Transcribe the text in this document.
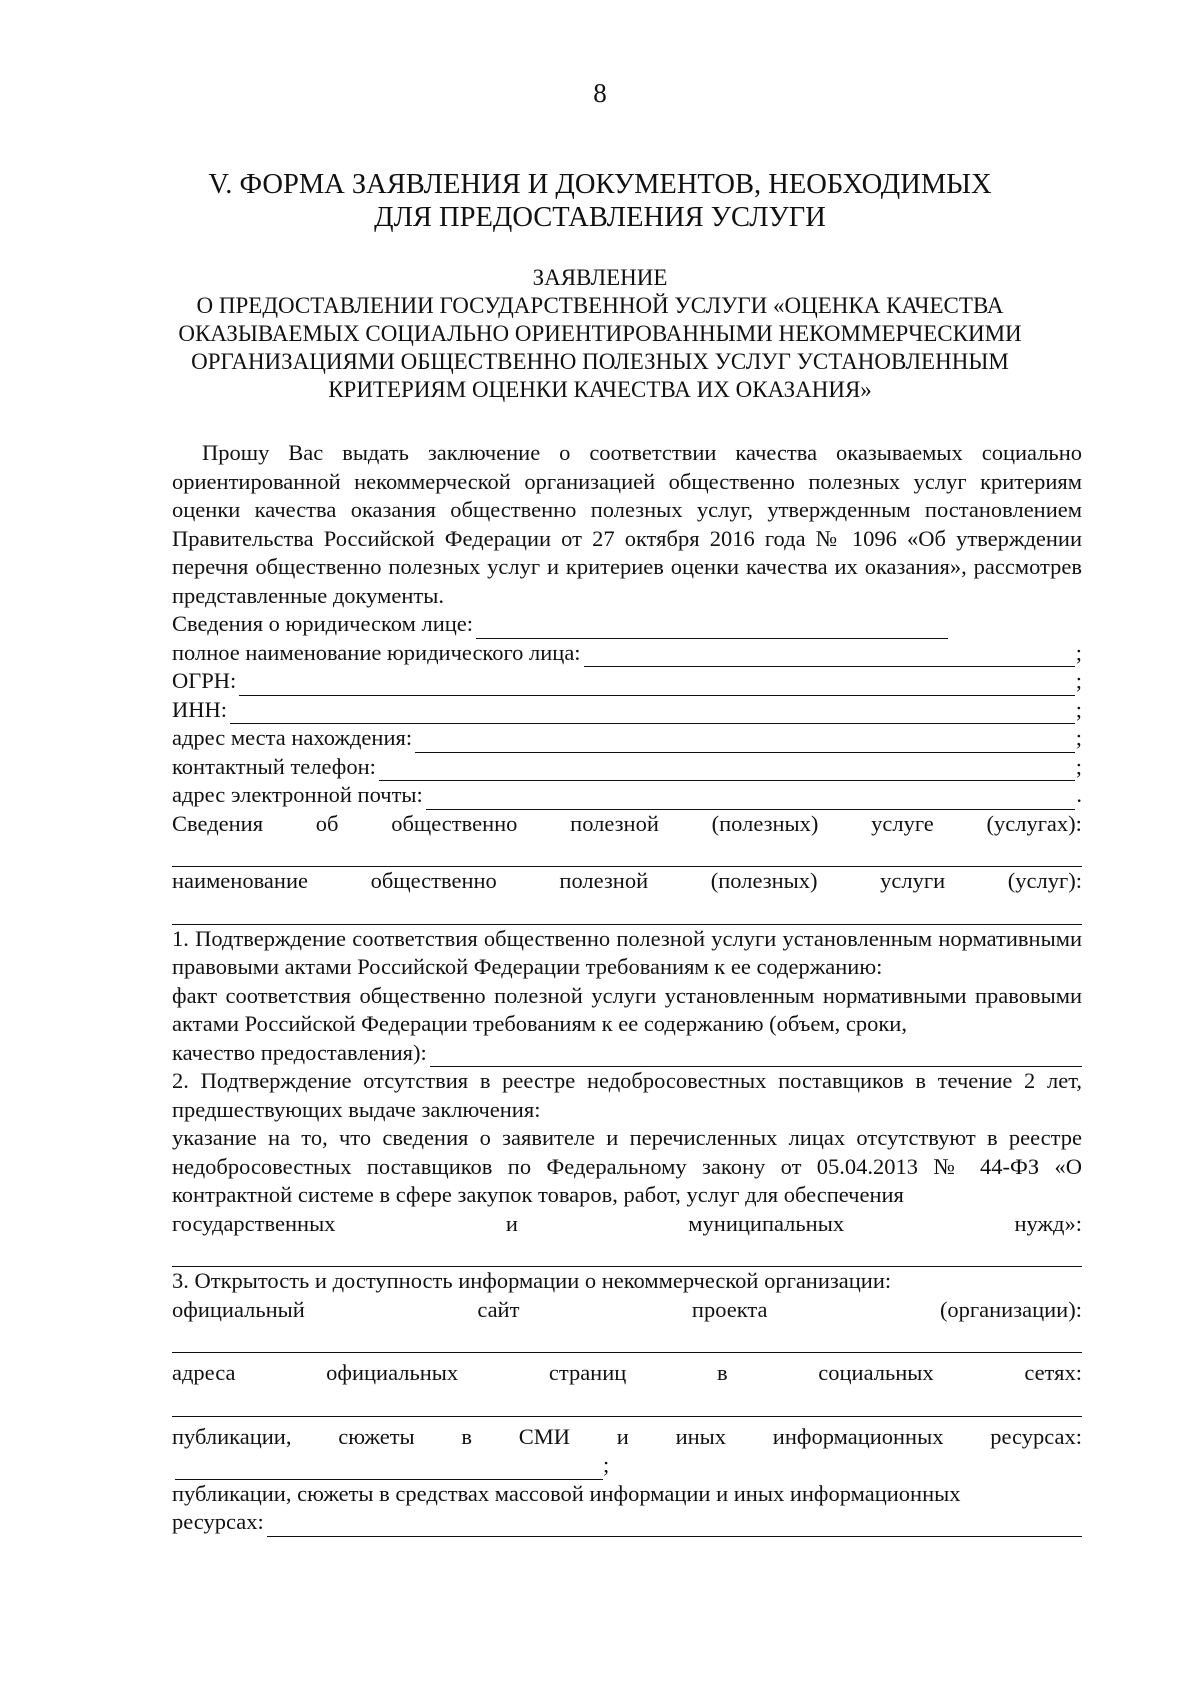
8
V. ФОРМА ЗАЯВЛЕНИЯ И ДОКУМЕНТОВ, НЕОБХОДИМЫХ
ДЛЯ ПРЕДОСТАВЛЕНИЯ УСЛУГИ
ЗАЯВЛЕНИЕ
О ПРЕДОСТАВЛЕНИИ ГОСУДАРСТВЕННОЙ УСЛУГИ «ОЦЕНКА КАЧЕСТВА
ОКАЗЫВАЕМЫХ СОЦИАЛЬНО ОРИЕНТИРОВАННЫМИ НЕКОММЕРЧЕСКИМИ
ОРГАНИЗАЦИЯМИ ОБЩЕСТВЕННО ПОЛЕЗНЫХ УСЛУГ УСТАНОВЛЕННЫМ
КРИТЕРИЯМ ОЦЕНКИ КАЧЕСТВА ИХ ОКАЗАНИЯ»
Прошу Вас выдать заключение о соответствии качества оказываемых социально ориентированной некоммерческой организацией общественно полезных услуг критериям оценки качества оказания общественно полезных услуг, утвержденным постановлением Правительства Российской Федерации от 27 октября 2016 года № 1096 «Об утверждении перечня общественно полезных услуг и критериев оценки качества их оказания», рассмотрев представленные документы.
Сведения о юридическом лице:
полное наименование юридического лица:	;
ОГРН:	;
ИНН:	;
адрес места нахождения:	;
контактный телефон:	;
адрес электронной почты:	.
Сведения об общественно полезной (полезных) услуге (услугах):
наименование	общественно	полезной	(полезных)	услуги	(услуг):
1. Подтверждение соответствия общественно полезной услуги установленным нормативными правовыми актами Российской Федерации требованиям к ее содержанию:
факт соответствия общественно полезной услуги установленным нормативными правовыми актами Российской Федерации требованиям к ее содержанию (объем, сроки,
качество предоставления):
2. Подтверждение отсутствия в реестре недобросовестных поставщиков в течение 2 лет, предшествующих выдаче заключения:
указание на то, что сведения о заявителе и перечисленных лицах отсутствуют в реестре недобросовестных поставщиков по Федеральному закону от 05.04.2013 № 44-ФЗ «О контрактной системе в сфере закупок товаров, работ, услуг для обеспечения
государственных	и	муниципальных	нужд»:
3. Открытость и доступность информации о некоммерческой организации:
официальный	сайт	проекта	(организации):
адреса	официальных	страниц	в	социальных	сетях:
публикации, сюжеты в СМИ и иных информационных ресурсах:
;
публикации, сюжеты в средствах массовой информации и иных информационных
ресурсах:
